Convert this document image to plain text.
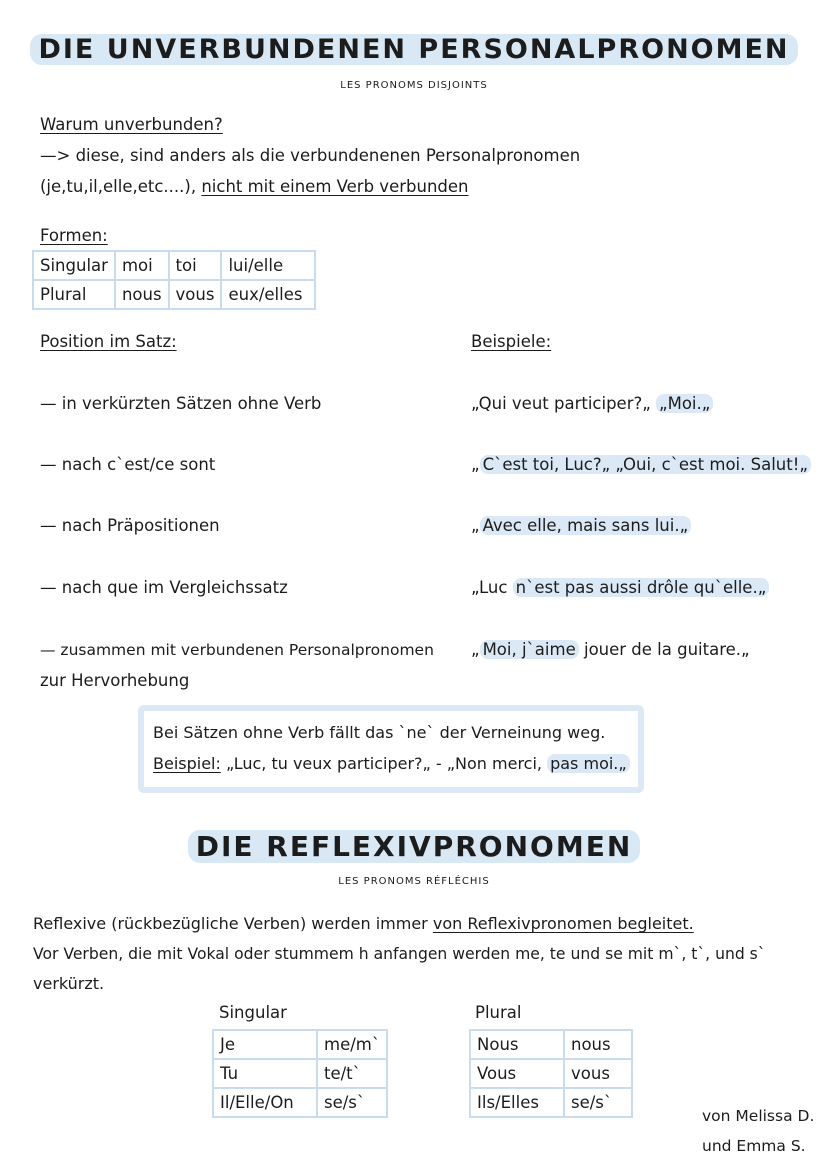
DIE UNVERBUNDENEN PERSONALPRONOMEN
LES PRONOMS DISJOINTS
Warum unverbunden?
—> diese, sind anders als die verbundenenen Personalpronomen
(je,tu,il,elle,etc....), nicht mit einem Verb verbunden
Formen:
Singular	moi	toi	lui/elle
Plural	nous	vous	eux/elles
Position im Satz:	Beispiele:
— in verkürzten Sätzen ohne Verb	„Qui veut participer?„ „Moi.„
— nach c`est/ce sont	„ C`est toi, Luc?„ „Oui, c`est moi. Salut!„
— nach Präpositionen	„ Avec elle, mais sans lui.„
— nach que im Vergleichssatz	„Luc n`est pas aussi drôle qu`elle.„
— zusammen mit verbundenen Personalpronomen „ Moi, j`aime jouer de la guitare.„
zur Hervorhebung
Bei Sätzen ohne Verb fällt das `ne` der Verneinung weg.
Beispiel: „Luc, tu veux participer?„ - „Non merci, pas moi.„
DIE REFLEXIVPRONOMEN
LES PRONOMS RÉFLÉCHIS
Reflexive (rückbezügliche Verben) werden immer von Reflexivpronomen begleitet.
Vor Verben, die mit Vokal oder stummem h anfangen werden me, te und se mit m`, t`, und s`
verkürzt.
Singular
Je	me/m`
Tu	te/t`
Il/Elle/On	se/s`
Plural
Nous	nous
Vous	vous
Ils/Elles	se/s`
von Melissa D.
und Emma S.
